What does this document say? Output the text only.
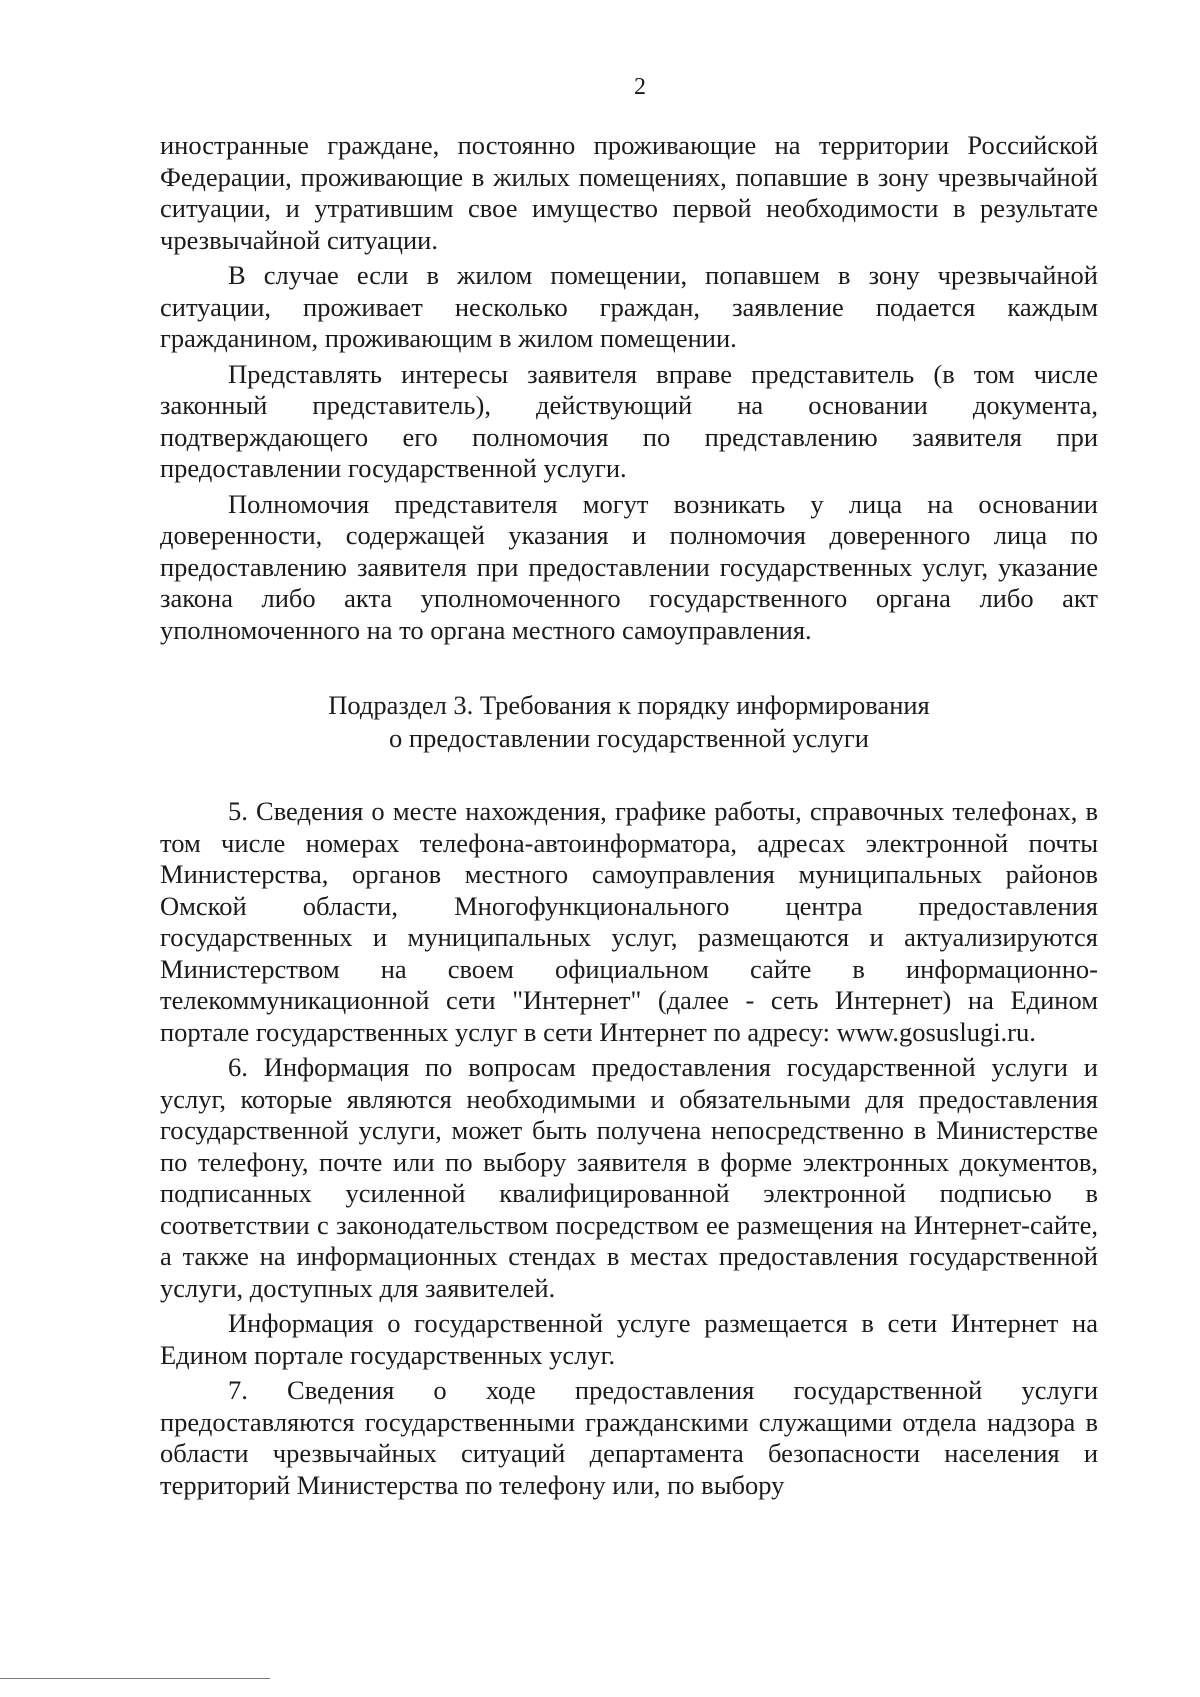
2

иностранные граждане, постоянно проживающие на территории Российской Федерации, проживающие в жилых помещениях, попавшие в зону чрезвычайной ситуации, и утратившим свое имущество первой необходимости в результате чрезвычайной ситуации.

В случае если в жилом помещении, попавшем в зону чрезвычайной ситуации, проживает несколько граждан, заявление подается каждым гражданином, проживающим в жилом помещении.

Представлять интересы заявителя вправе представитель (в том числе законный представитель), действующий на основании документа, подтверждающего его полномочия по представлению заявителя при предоставлении государственной услуги.

Полномочия представителя могут возникать у лица на основании доверенности, содержащей указания и полномочия доверенного лица по предоставлению заявителя при предоставлении государственных услуг, указание закона либо акта уполномоченного государственного органа либо акт уполномоченного на то органа местного самоуправления.

Подраздел 3. Требования к порядку информирования
о предоставлении государственной услуги

5. Сведения о месте нахождения, графике работы, справочных телефонах, в том числе номерах телефона-автоинформатора, адресах электронной почты Министерства, органов местного самоуправления муниципальных районов Омской области, Многофункционального центра предоставления государственных и муниципальных услуг, размещаются и актуализируются Министерством на своем официальном сайте в информационно-телекоммуникационной сети "Интернет" (далее - сеть Интернет) на Едином портале государственных услуг в сети Интернет по адресу: www.gosuslugi.ru.

6. Информация по вопросам предоставления государственной услуги и услуг, которые являются необходимыми и обязательными для предоставления государственной услуги, может быть получена непосредственно в Министерстве по телефону, почте или по выбору заявителя в форме электронных документов, подписанных усиленной квалифицированной электронной подписью в соответствии с законодательством посредством ее размещения на Интернет-сайте, а также на информационных стендах в местах предоставления государственной услуги, доступных для заявителей.

Информация о государственной услуге размещается в сети Интернет на Едином портале государственных услуг.

7. Сведения о ходе предоставления государственной услуги предоставляются государственными гражданскими служащими отдела надзора в области чрезвычайных ситуаций департамента безопасности населения и территорий Министерства по телефону или, по выбору
